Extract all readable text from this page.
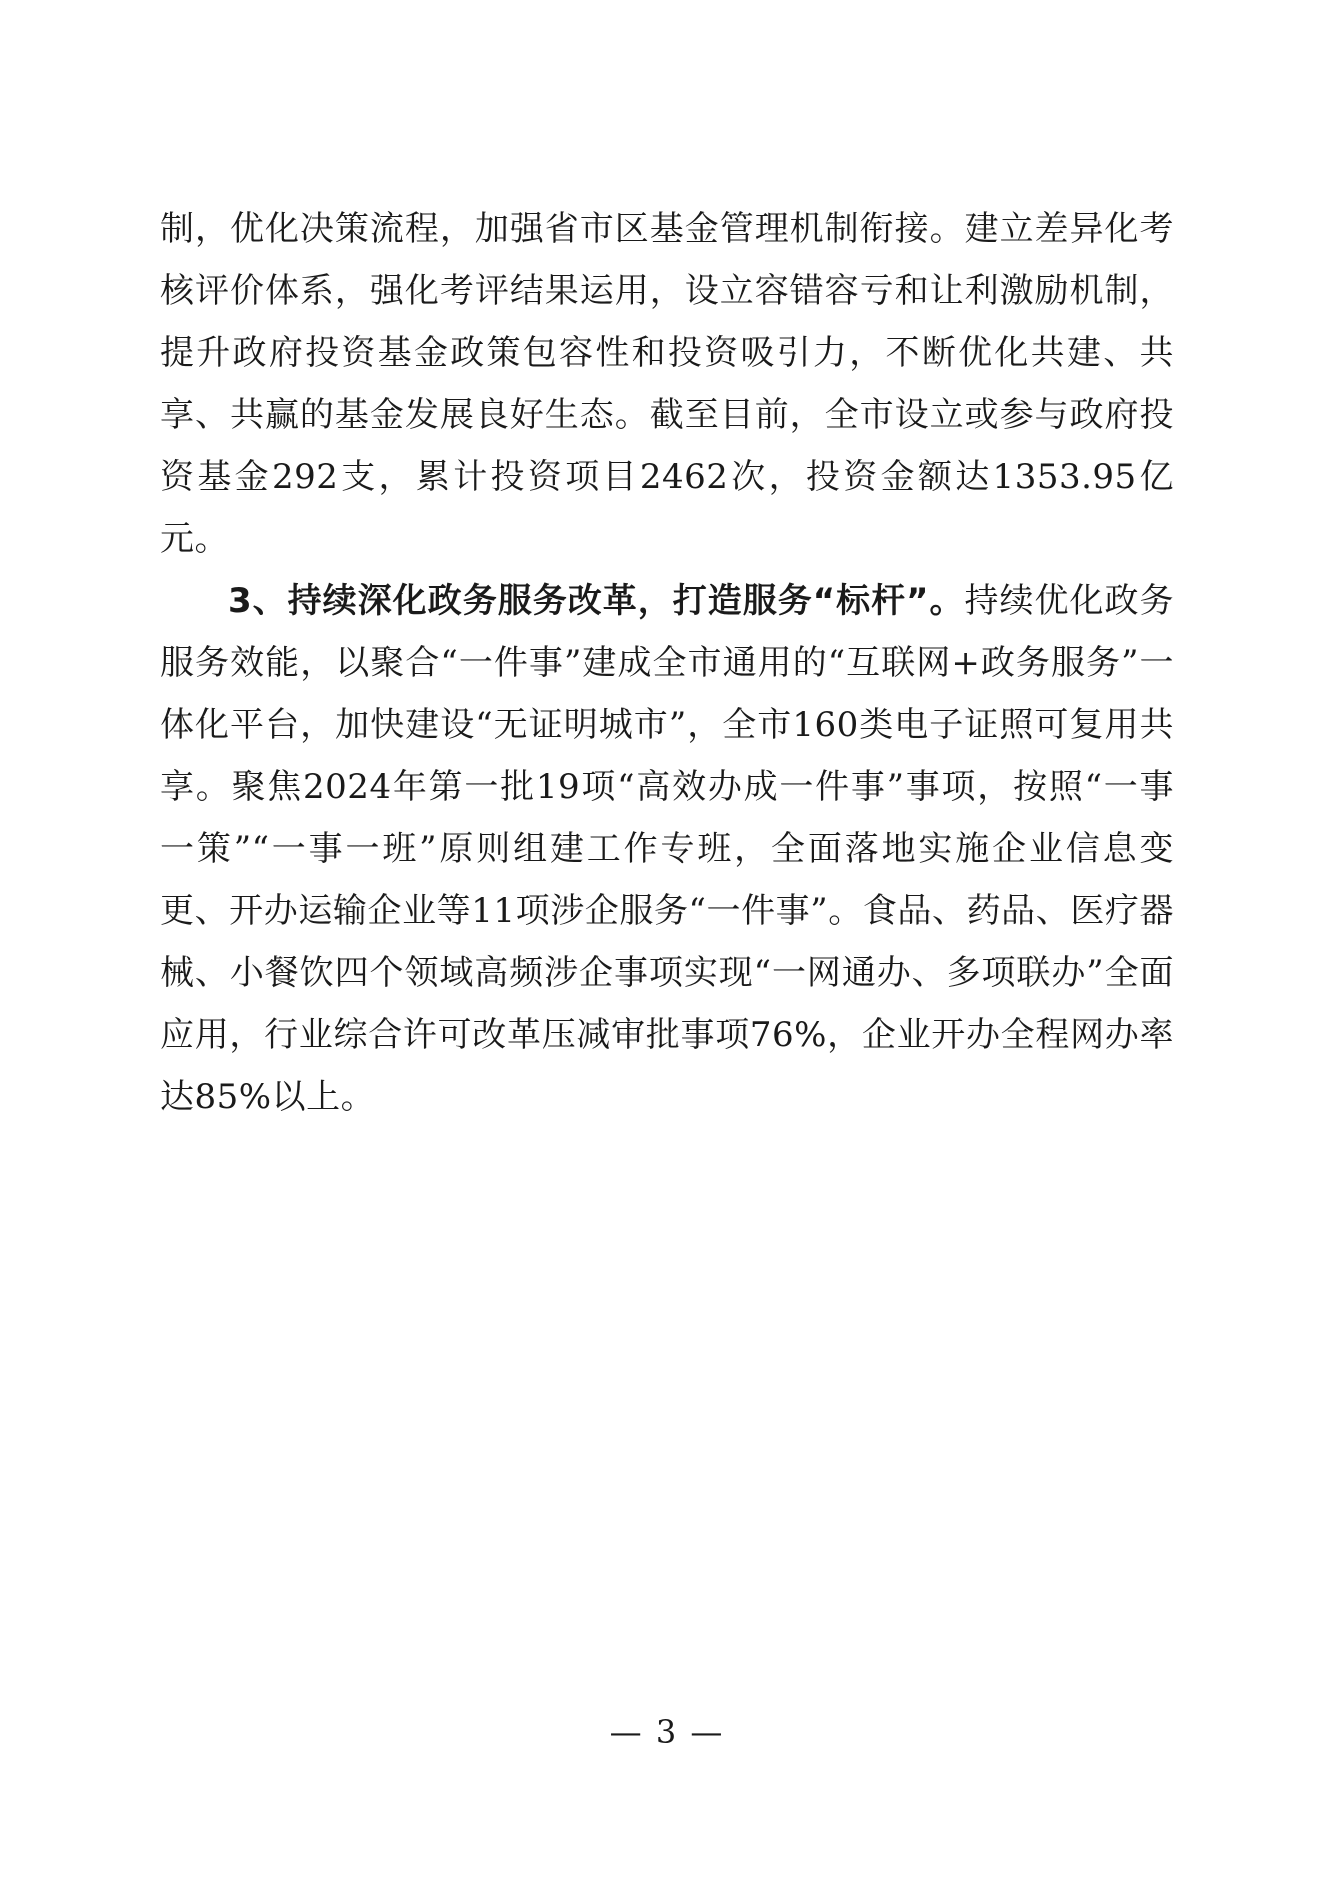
制，优化决策流程，加强省市区基金管理机制衔接。建立差异化考核评价体系，强化考评结果运用，设立容错容亏和让利激励机制，提升政府投资基金政策包容性和投资吸引力，不断优化共建、共享、共赢的基金发展良好生态。截至目前，全市设立或参与政府投资基金292支，累计投资项目2462次，投资金额达1353.95亿元。

3、持续深化政务服务改革，打造服务“标杆”。持续优化政务服务效能，以聚合“一件事”建成全市通用的“互联网+政务服务”一体化平台，加快建设“无证明城市”，全市160类电子证照可复用共享。聚焦2024年第一批19项“高效办成一件事”事项，按照“一事一策”“一事一班”原则组建工作专班，全面落地实施企业信息变更、开办运输企业等11项涉企服务“一件事”。食品、药品、医疗器械、小餐饮四个领域高频涉企事项实现“一网通办、多项联办”全面应用，行业综合许可改革压减审批事项76%，企业开办全程网办率达85%以上。

— 3 —
